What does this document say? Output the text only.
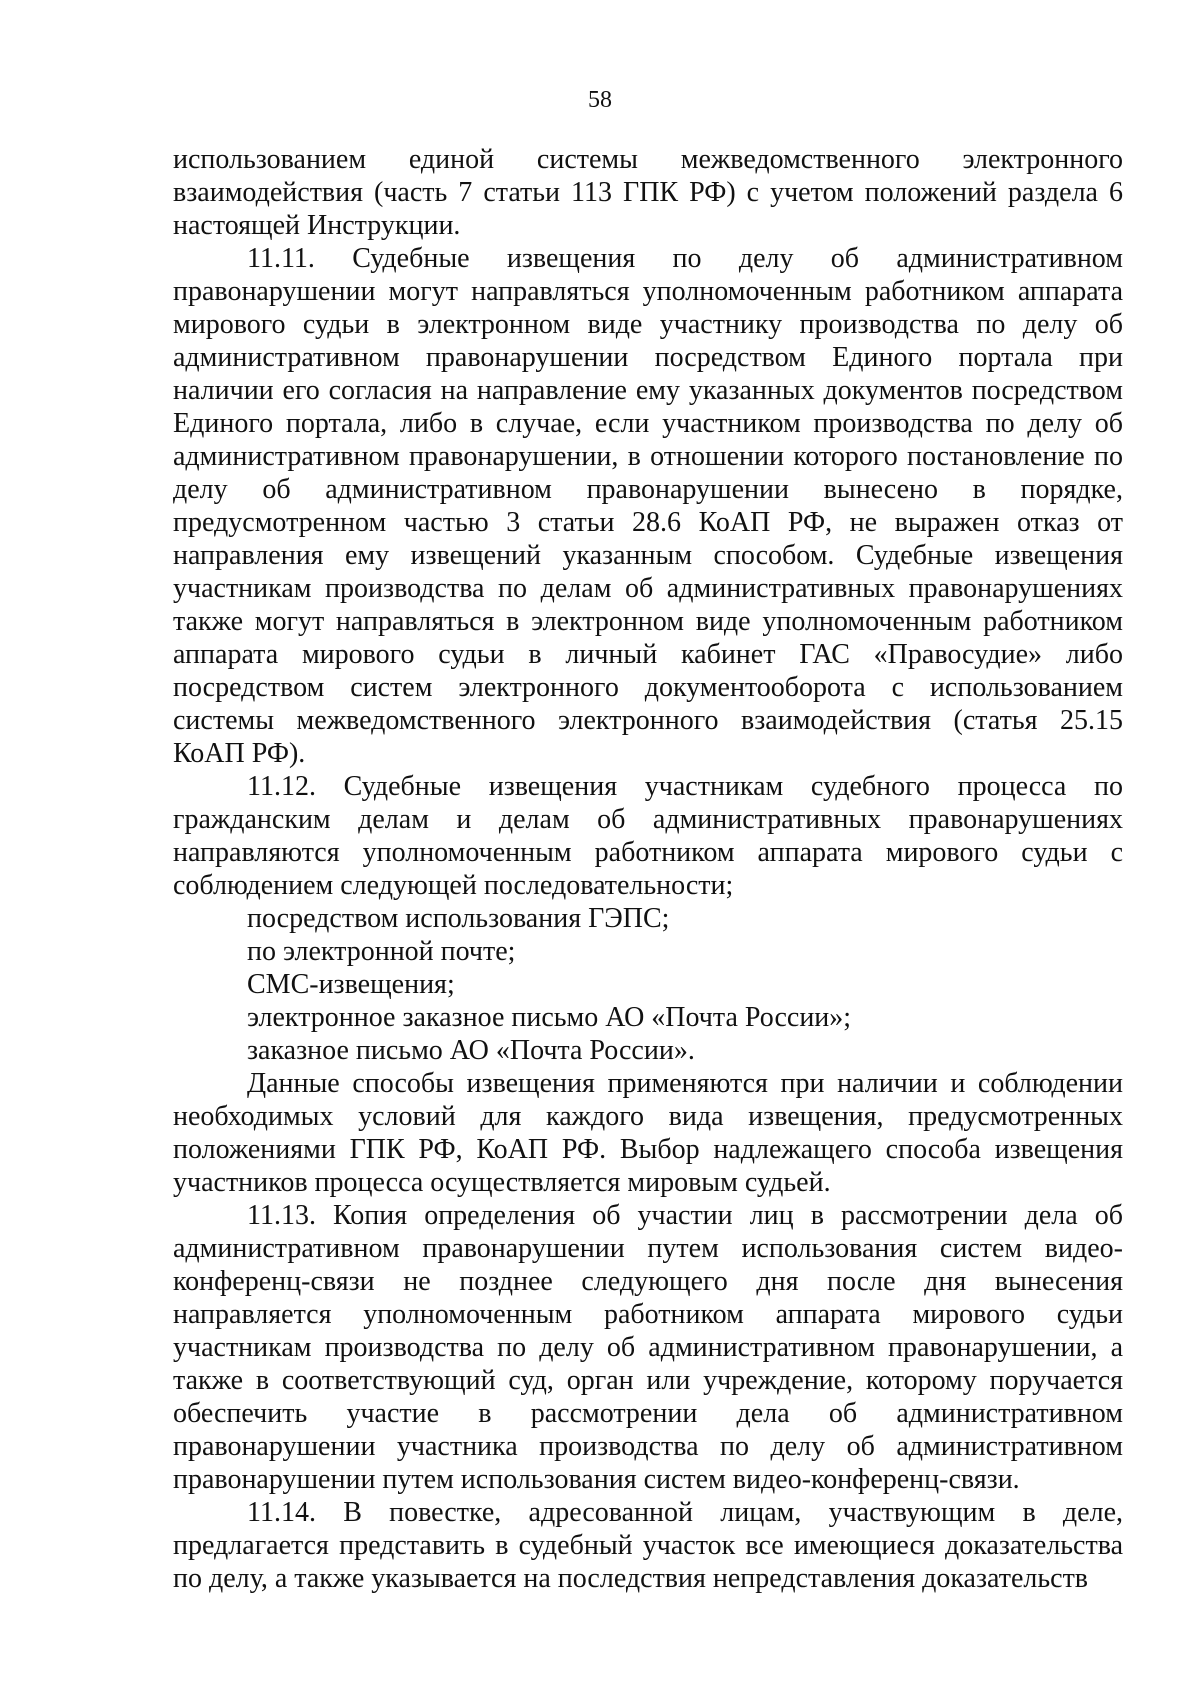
58

использованием единой системы межведомственного электронного взаимодействия (часть 7 статьи 113 ГПК РФ) с учетом положений раздела 6 настоящей Инструкции.

11.11. Судебные извещения по делу об административном правонарушении могут направляться уполномоченным работником аппарата мирового судьи в электронном виде участнику производства по делу об административном правонарушении посредством Единого портала при наличии его согласия на направление ему указанных документов посредством Единого портала, либо в случае, если участником производства по делу об административном правонарушении, в отношении которого постановление по делу об административном правонарушении вынесено в порядке, предусмотренном частью 3 статьи 28.6 КоАП РФ, не выражен отказ от направления ему извещений указанным способом. Судебные извещения участникам производства по делам об административных правонарушениях также могут направляться в электронном виде уполномоченным работником аппарата мирового судьи в личный кабинет ГАС «Правосудие» либо посредством систем электронного документооборота с использованием системы межведомственного электронного взаимодействия (статья 25.15 КоАП РФ).

11.12. Судебные извещения участникам судебного процесса по гражданским делам и делам об административных правонарушениях направляются уполномоченным работником аппарата мирового судьи с соблюдением следующей последовательности;

посредством использования ГЭПС;

по электронной почте;

СМС-извещения;

электронное заказное письмо АО «Почта России»;

заказное письмо АО «Почта России».

Данные способы извещения применяются при наличии и соблюдении необходимых условий для каждого вида извещения, предусмотренных положениями ГПК РФ, КоАП РФ. Выбор надлежащего способа извещения участников процесса осуществляется мировым судьей.

11.13. Копия определения об участии лиц в рассмотрении дела об административном правонарушении путем использования систем видео-конференц-связи не позднее следующего дня после дня вынесения направляется уполномоченным работником аппарата мирового судьи участникам производства по делу об административном правонарушении, а также в соответствующий суд, орган или учреждение, которому поручается обеспечить участие в рассмотрении дела об административном правонарушении участника производства по делу об административном правонарушении путем использования систем видео-конференц-связи.

11.14. В повестке, адресованной лицам, участвующим в деле, предлагается представить в судебный участок все имеющиеся доказательства по делу, а также указывается на последствия непредставления доказательств
